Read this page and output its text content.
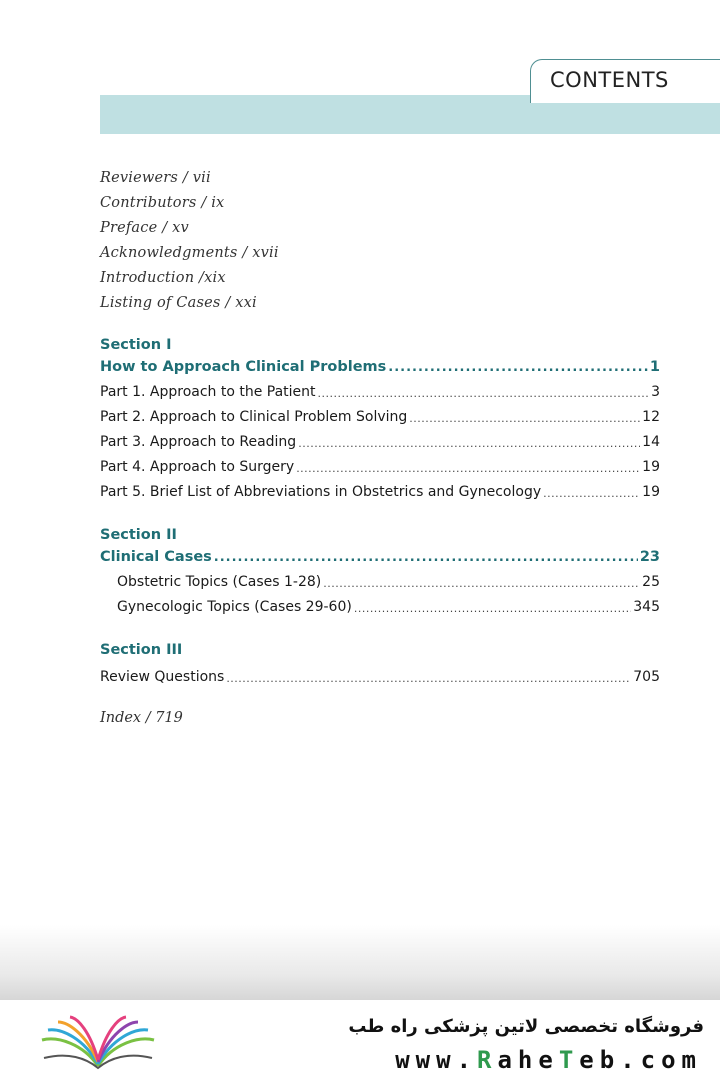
CONTENTS
Reviewers / vii
Contributors / ix
Preface / xv
Acknowledgments / xvii
Introduction /xix
Listing of Cases / xxi
Section I
How to Approach Clinical Problems .....	1
Part 1. Approach to the Patient .....	3
Part 2. Approach to Clinical Problem Solving .....	12
Part 3. Approach to Reading .....	14
Part 4. Approach to Surgery .....	19
Part 5. Brief List of Abbreviations in Obstetrics and Gynecology .....	19
Section II
Clinical Cases .....	23
Obstetric Topics (Cases 1-28) .....	25
Gynecologic Topics (Cases 29-60) .....	345
Section III
Review Questions .....	705
Index / 719
فروشگاه تخصصی لاتین پزشکی راه طب
www.RaheTeb.com
